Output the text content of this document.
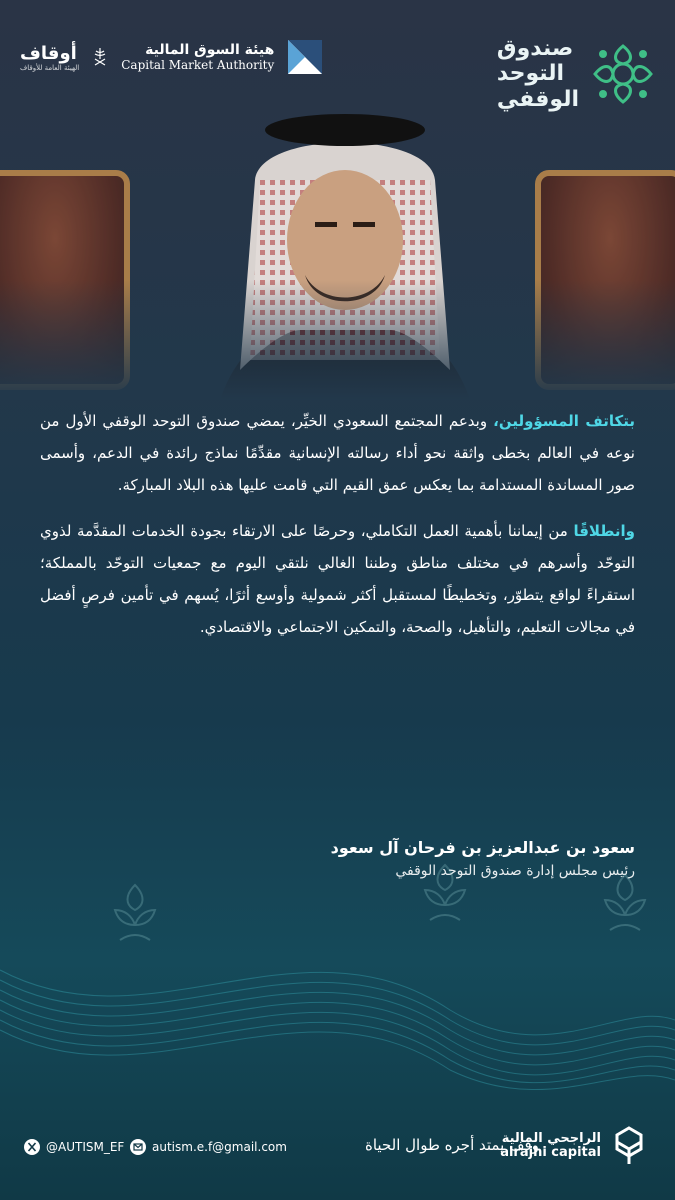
صندوق
التوحد
الوقفي
أوقاف
الهيئة العامة للأوقاف
هيئة السوق المالية
Capital Market Authority

بتكاتف المسؤولين، وبدعم المجتمع السعودي الخيِّر، يمضي صندوق التوحد الوقفي الأول من نوعه في العالم بخطى واثقة نحو أداء رسالته الإنسانية مقدِّمًا نماذج رائدة في الدعم، وأسمى صور المساندة المستدامة بما يعكس عمق القيم التي قامت عليها هذه البلاد المباركة.

وانطلاقًا من إيماننا بأهمية العمل التكاملي، وحرصًا على الارتقاء بجودة الخدمات المقدَّمة لذوي التوحّد وأسرهم في مختلف مناطق وطننا الغالي نلتقي اليوم مع جمعيات التوحّد بالمملكة؛ استقراءً لواقع يتطوّر، وتخطيطًا لمستقبل أكثر شمولية وأوسع أثرًا، يُسهم في تأمين فرصٍ أفضل في مجالات التعليم، والتأهيل، والصحة، والتمكين الاجتماعي والاقتصادي.

سعود بن عبدالعزيز بن فرحان آل سعود
رئيس مجلس إدارة صندوق التوحد الوقفي
@AUTISM_EF autism.e.f@gmail.com	وقف يمتد أجره طوال الحياة
الراجحي المالية
alrajhi capital
